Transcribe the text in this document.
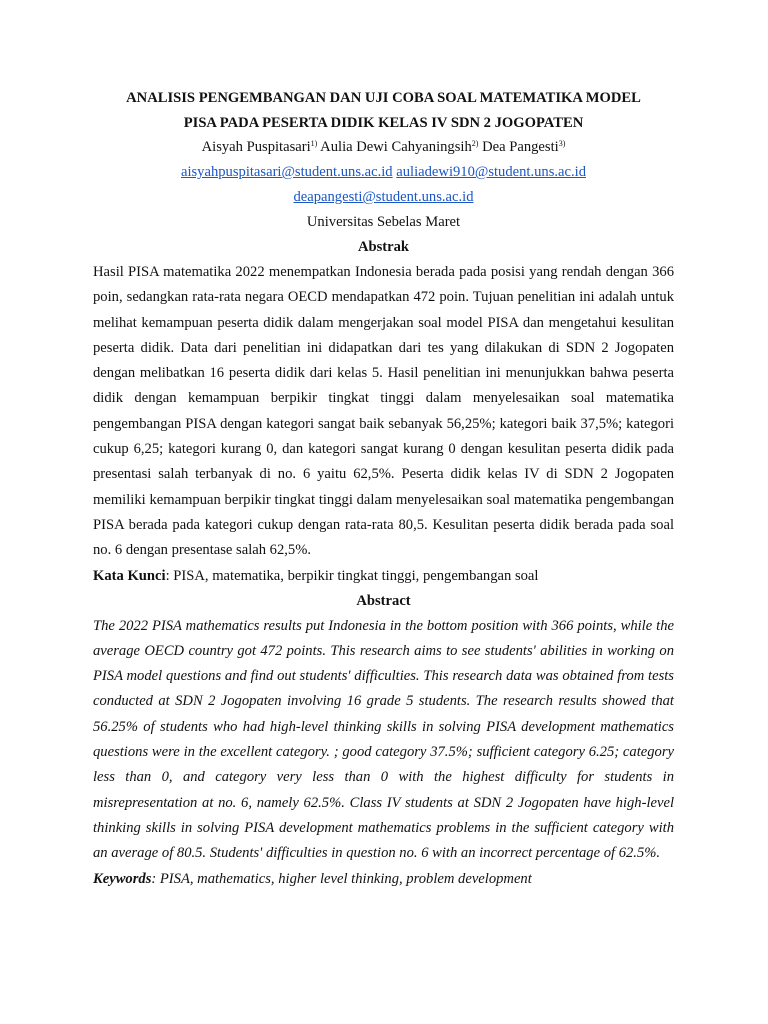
ANALISIS PENGEMBANGAN DAN UJI COBA SOAL MATEMATIKA MODEL

PISA PADA PESERTA DIDIK KELAS IV SDN 2 JOGOPATEN

Aisyah Puspitasari$^{1)}$ Aulia Dewi Cahyaningsih$^{2)}$ Dea Pangesti$^{3)}$

aisyahpuspitasari@student.uns.ac.id auliadewi910@student.uns.ac.id

deapangesti@student.uns.ac.id

Universitas Sebelas Maret

Abstrak

Hasil PISA matematika 2022 menempatkan Indonesia berada pada posisi yang rendah dengan 366 poin, sedangkan rata-rata negara OECD mendapatkan 472 poin. Tujuan penelitian ini adalah untuk melihat kemampuan peserta didik dalam mengerjakan soal model PISA dan mengetahui kesulitan peserta didik. Data dari penelitian ini didapatkan dari tes yang dilakukan di SDN 2 Jogopaten dengan melibatkan 16 peserta didik dari kelas 5. Hasil penelitian ini menunjukkan bahwa peserta didik dengan kemampuan berpikir tingkat tinggi dalam menyelesaikan soal matematika pengembangan PISA dengan kategori sangat baik sebanyak 56,25%; kategori baik 37,5%; kategori cukup 6,25; kategori kurang 0, dan kategori sangat kurang 0 dengan kesulitan peserta didik pada presentasi salah terbanyak di no. 6 yaitu 62,5%. Peserta didik kelas IV di SDN 2 Jogopaten memiliki kemampuan berpikir tingkat tinggi dalam menyelesaikan soal matematika pengembangan PISA berada pada kategori cukup dengan rata-rata 80,5. Kesulitan peserta didik berada pada soal no. 6 dengan presentase salah 62,5%.

Kata Kunci: PISA, matematika, berpikir tingkat tinggi, pengembangan soal

Abstract

The 2022 PISA mathematics results put Indonesia in the bottom position with 366 points, while the average OECD country got 472 points. This research aims to see students' abilities in working on PISA model questions and find out students' difficulties. This research data was obtained from tests conducted at SDN 2 Jogopaten involving 16 grade 5 students. The research results showed that 56.25% of students who had high-level thinking skills in solving PISA development mathematics questions were in the excellent category. ; good category 37.5%; sufficient category 6.25; category less than 0, and category very less than 0 with the highest difficulty for students in misrepresentation at no. 6, namely 62.5%. Class IV students at SDN 2 Jogopaten have high-level thinking skills in solving PISA development mathematics problems in the sufficient category with an average of 80.5. Students' difficulties in question no. 6 with an incorrect percentage of 62.5%.

Keywords: PISA, mathematics, higher level thinking, problem development
